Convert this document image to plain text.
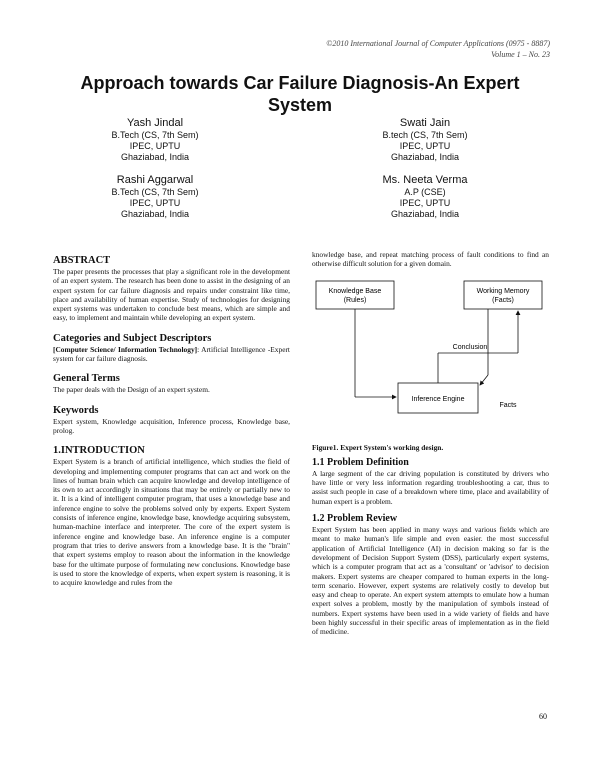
©2010 International Journal of Computer Applications (0975 - 8887)
Volume 1 – No. 23
Approach towards Car Failure Diagnosis-An Expert
System
Yash Jindal
B.Tech (CS, 7th Sem)
IPEC, UPTU
Ghaziabad, India
Swati Jain
B.tech (CS, 7th Sem)
IPEC, UPTU
Ghaziabad, India
Rashi Aggarwal
B.Tech (CS, 7th Sem)
IPEC, UPTU
Ghaziabad, India
Ms. Neeta Verma
A.P (CSE)
IPEC, UPTU
Ghaziabad, India
ABSTRACT

The paper presents the processes that play a significant role in the development of an expert system. The research has been done to assist in the designing of an expert system for car failure diagnosis and repairs under constraint like time, place and availability of human expertise. Study of technologies for designing expert systems was undertaken to conclude best means, which are simple and easy, to implement and maintain while developing an expert system.

Categories and Subject Descriptors

[Computer Science/ Information Technology]: Artificial Intelligence -Expert system for car failure diagnosis.

General Terms

The paper deals with the Design of an expert system.

Keywords

Expert system, Knowledge acquisition, Inference process, Knowledge base, prolog.

1.INTRODUCTION

Expert System is a branch of artificial intelligence, which studies the field of developing and implementing computer programs that can act and work on the lines of human brain which can acquire knowledge and develop intelligence of its own to act accordingly in situations that may be entirely or partially new to it. It is a kind of intelligent computer program, that uses a knowledge base and inference engine to solve the problems solved only by experts. Expert System consists of inference engine, knowledge base, knowledge acquiring subsystem, human-machine interface and interpreter. The core of the expert system is inference engine and knowledge base. An inference engine is a computer program that tries to derive answers from a knowledge base. It is the "brain" that expert systems employ to reason about the information in the knowledge base for the ultimate purpose of formulating new conclusions. Knowledge base is used to store the knowledge of experts, when expert system is reasoning, it is to acquire knowledge and rules from the

knowledge base, and repeat matching process of fault conditions to find an otherwise difficult solution for a given domain.

Knowledge Base
(Rules)
Working Memory
(Facts)
Inference Engine
Conclusion
Facts
Figure1. Expert System's working design.
1.1 Problem Definition

A large segment of the car driving population is constituted by drivers who have little or very less information regarding troubleshooting a car, thus to assist such people in case of a breakdown where time, place and availability of human expert is a problem.

1.2 Problem Review

Expert System has been applied in many ways and various fields which are meant to make human's life simple and even easier. the most successful application of Artificial Intelligence (AI) in decision making so far is the development of Decision Support System (DSS), particularly expert systems, which is a computer program that act as a 'consultant' or 'advisor' to decision makers. Expert systems are cheaper compared to human experts in the long-term scenario. However, expert systems are relatively costly to develop but easy and cheap to operate. An expert system attempts to emulate how a human expert solves a problem, mostly by the manipulation of symbols instead of numbers. Expert systems have been used in a wide variety of fields and have been highly successful in their specific areas of implementation as in the field of medicine.

60
